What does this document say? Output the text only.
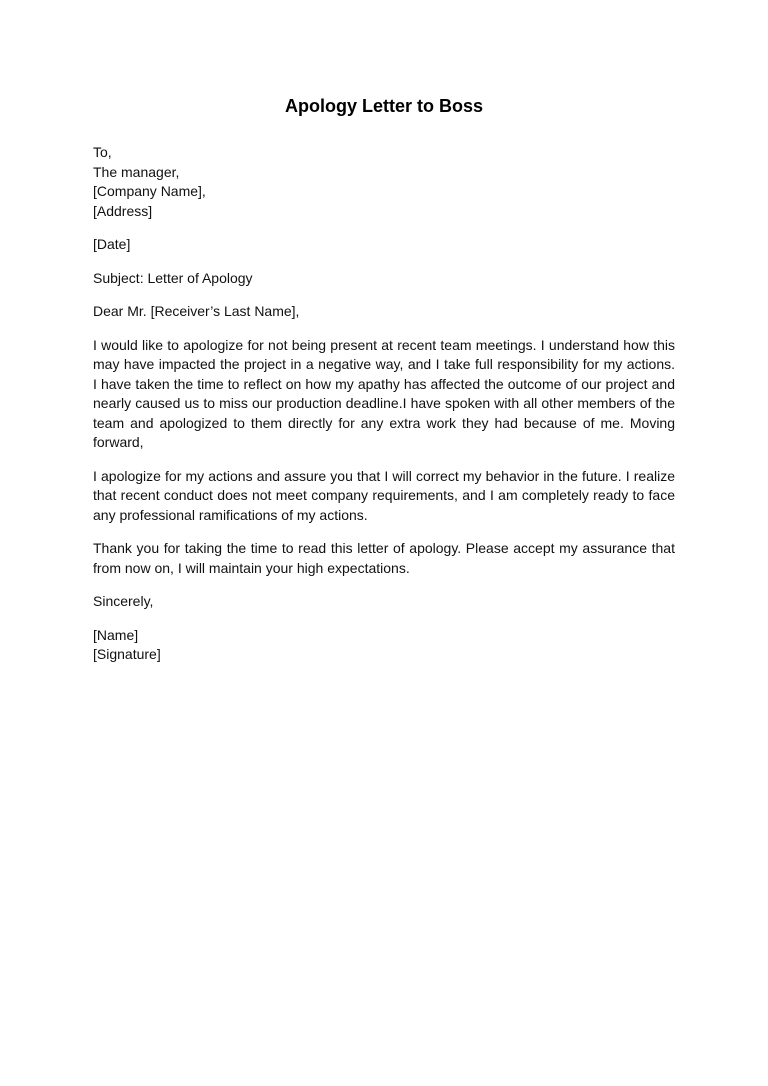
Apology Letter to Boss
To,
The manager,
[Company Name],
[Address]
[Date]
Subject: Letter of Apology
Dear Mr. [Receiver’s Last Name],
I would like to apologize for not being present at recent team meetings. I understand how this
may have impacted the project in a negative way, and I take full responsibility for my actions.
I have taken the time to reflect on how my apathy has affected the outcome of our project and
nearly caused us to miss our production deadline.I have spoken with all other members of the
team and apologized to them directly for any extra work they had because of me. Moving
forward,
I apologize for my actions and assure you that I will correct my behavior in the future. I realize
that recent conduct does not meet company requirements, and I am completely ready to face
any professional ramifications of my actions.
Thank you for taking the time to read this letter of apology. Please accept my assurance that
from now on, I will maintain your high expectations.
Sincerely,
[Name]
[Signature]
